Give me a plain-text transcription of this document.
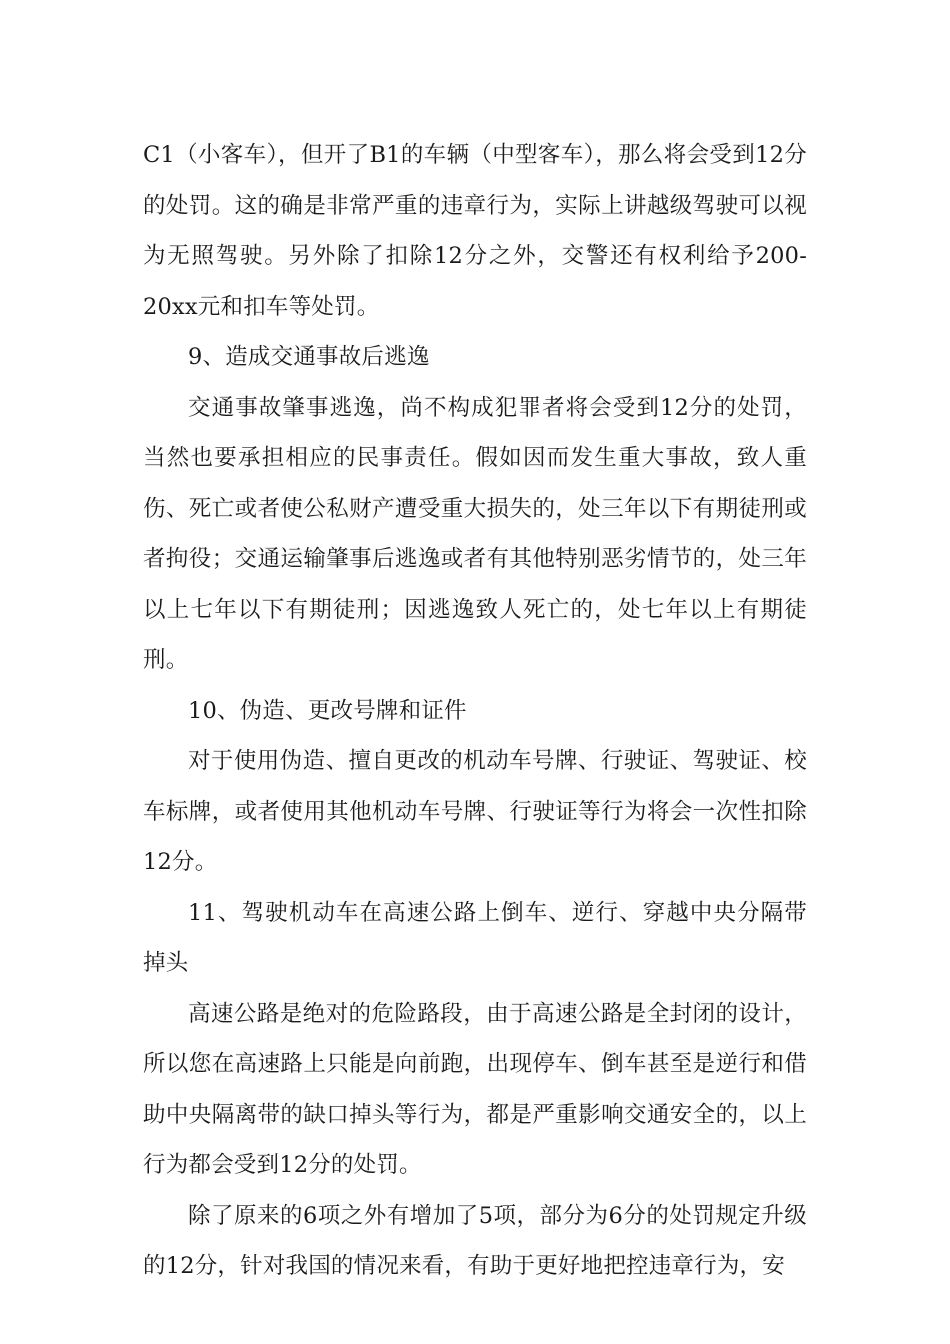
C1（小客车），但开了B1的车辆（中型客车），那么将会受到12分的处罚。这的确是非常严重的违章行为，实际上讲越级驾驶可以视为无照驾驶。另外除了扣除12分之外，交警还有权利给予200-20xx元和扣车等处罚。

9、造成交通事故后逃逸

交通事故肇事逃逸，尚不构成犯罪者将会受到12分的处罚，当然也要承担相应的民事责任。假如因而发生重大事故，致人重伤、死亡或者使公私财产遭受重大损失的，处三年以下有期徒刑或者拘役；交通运输肇事后逃逸或者有其他特别恶劣情节的，处三年以上七年以下有期徒刑；因逃逸致人死亡的，处七年以上有期徒刑。

10、伪造、更改号牌和证件

对于使用伪造、擅自更改的机动车号牌、行驶证、驾驶证、校车标牌，或者使用其他机动车号牌、行驶证等行为将会一次性扣除12分。

11、驾驶机动车在高速公路上倒车、逆行、穿越中央分隔带掉头

高速公路是绝对的危险路段，由于高速公路是全封闭的设计，所以您在高速路上只能是向前跑，出现停车、倒车甚至是逆行和借助中央隔离带的缺口掉头等行为，都是严重影响交通安全的，以上行为都会受到12分的处罚。

除了原来的6项之外有增加了5项，部分为6分的处罚规定升级的12分，针对我国的情况来看，有助于更好地把控违章行为，安
